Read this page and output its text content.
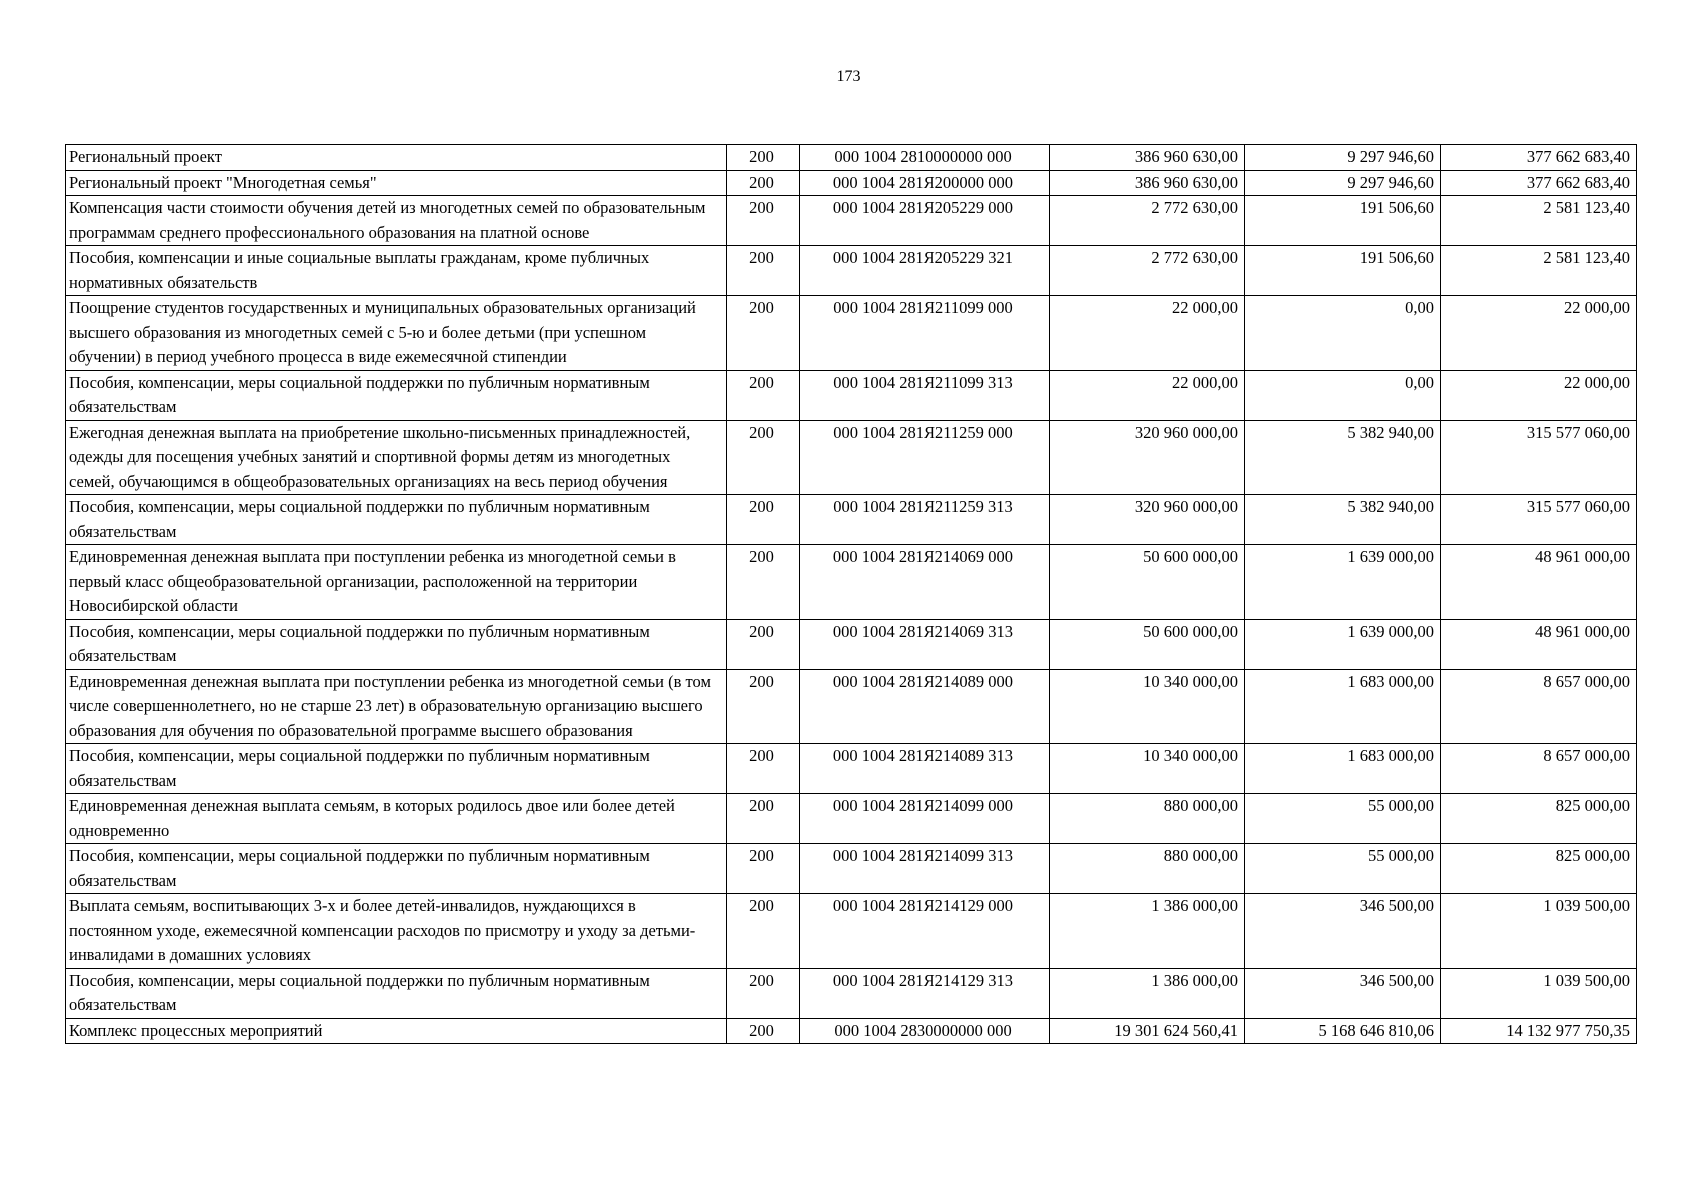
173
Региональный проект	200	000 1004 2810000000 000	386 960 630,00	9 297 946,60	377 662 683,40
Региональный проект "Многодетная семья"	200	000 1004 281Я200000 000	386 960 630,00	9 297 946,60	377 662 683,40
Компенсация части стоимости обучения детей из многодетных семей по образовательным программам среднего профессионального образования на платной основе	200	000 1004 281Я205229 000	2 772 630,00	191 506,60	2 581 123,40
Пособия, компенсации и иные социальные выплаты гражданам, кроме публичных нормативных обязательств	200	000 1004 281Я205229 321	2 772 630,00	191 506,60	2 581 123,40
Поощрение студентов государственных и муниципальных образовательных организаций высшего образования из многодетных семей с 5-ю и более детьми (при успешном обучении) в период учебного процесса в виде ежемесячной стипендии	200	000 1004 281Я211099 000	22 000,00	0,00	22 000,00
Пособия, компенсации, меры социальной поддержки по публичным нормативным обязательствам	200	000 1004 281Я211099 313	22 000,00	0,00	22 000,00
Ежегодная денежная выплата на приобретение школьно-письменных принадлежностей, одежды для посещения учебных занятий и спортивной формы детям из многодетных семей, обучающимся в общеобразовательных организациях на весь период обучения	200	000 1004 281Я211259 000	320 960 000,00	5 382 940,00	315 577 060,00
Пособия, компенсации, меры социальной поддержки по публичным нормативным обязательствам	200	000 1004 281Я211259 313	320 960 000,00	5 382 940,00	315 577 060,00
Единовременная денежная выплата при поступлении ребенка из многодетной семьи в первый класс общеобразовательной организации, расположенной на территории Новосибирской области	200	000 1004 281Я214069 000	50 600 000,00	1 639 000,00	48 961 000,00
Пособия, компенсации, меры социальной поддержки по публичным нормативным обязательствам	200	000 1004 281Я214069 313	50 600 000,00	1 639 000,00	48 961 000,00
Единовременная денежная выплата при поступлении ребенка из многодетной семьи (в том числе совершеннолетнего, но не старше 23 лет) в образовательную организацию высшего образования для обучения по образовательной программе высшего образования	200	000 1004 281Я214089 000	10 340 000,00	1 683 000,00	8 657 000,00
Пособия, компенсации, меры социальной поддержки по публичным нормативным обязательствам	200	000 1004 281Я214089 313	10 340 000,00	1 683 000,00	8 657 000,00
Единовременная денежная выплата семьям, в которых родилось двое или более детей одновременно	200	000 1004 281Я214099 000	880 000,00	55 000,00	825 000,00
Пособия, компенсации, меры социальной поддержки по публичным нормативным обязательствам	200	000 1004 281Я214099 313	880 000,00	55 000,00	825 000,00
Выплата семьям, воспитывающих 3-х и более детей-инвалидов, нуждающихся в постоянном уходе, ежемесячной компенсации расходов по присмотру и уходу за детьми-инвалидами в домашних условиях	200	000 1004 281Я214129 000	1 386 000,00	346 500,00	1 039 500,00
Пособия, компенсации, меры социальной поддержки по публичным нормативным обязательствам	200	000 1004 281Я214129 313	1 386 000,00	346 500,00	1 039 500,00
Комплекс процессных мероприятий	200	000 1004 2830000000 000	19 301 624 560,41	5 168 646 810,06	14 132 977 750,35
